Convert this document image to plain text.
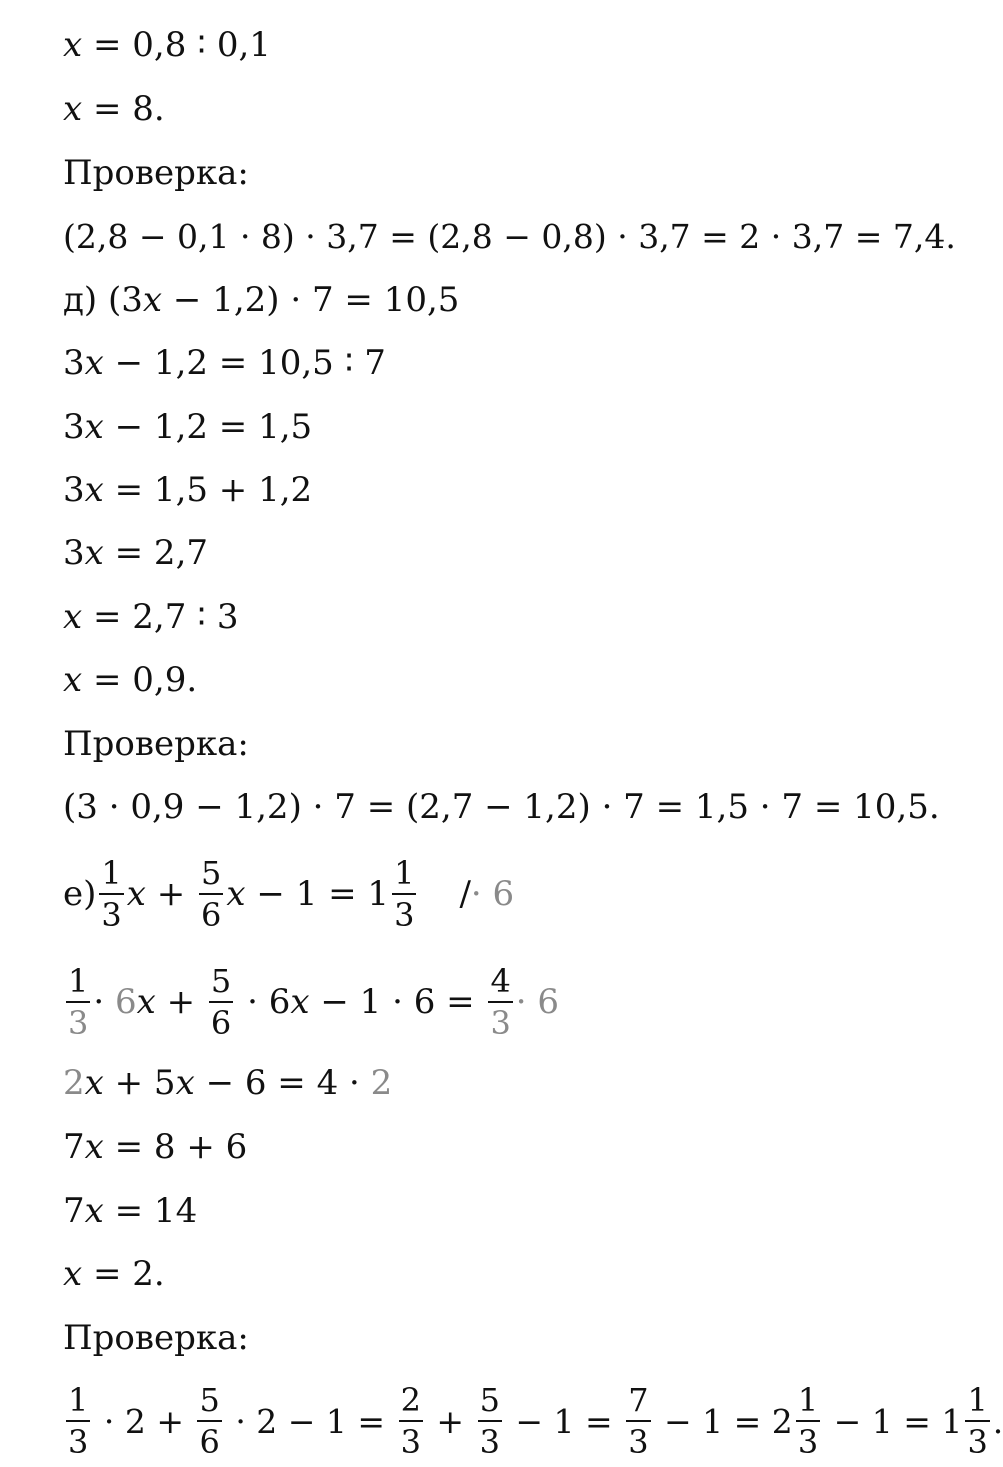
x = 0,8 ∶ 0,1
x = 8.
Проверка:
(2,8 − 0,1 · 8) · 3,7 = (2,8 − 0,8) · 3,7 = 2 · 3,7 = 7,4.
д) (3x − 1,2) · 7 = 10,5
3x − 1,2 = 10,5 ∶ 7
3x − 1,2 = 1,5
3x = 1,5 + 1,2
3x = 2,7
x = 2,7 ∶ 3
x = 0,9.
Проверка:
(3 · 0,9 − 1,2) · 7 = (2,7 − 1,2) · 7 = 1,5 · 7 = 10,5.
$е) \frac{1}{3}$ $x + \frac{5}{6}$ $x - 1 = 1 \frac{1}{3}$ / · 6
$\frac{1}{3} \cdot 6$ $x + \frac{5}{6} \cdot 6$ $x - 1 \cdot 6 = \frac{4}{3} \cdot 6$
2x + 5x − 6 = 4 · 2
7x = 8 + 6
7x = 14
x = 2.
Проверка:
$\frac{1}{3} \cdot 2 + \frac{5}{6} \cdot 2 - 1 = \frac{2}{3} + \frac{5}{3} - 1 = \frac{7}{3} - 1 = 2 \frac{1}{3} - 1 = 1 \frac{1}{3}$ .
